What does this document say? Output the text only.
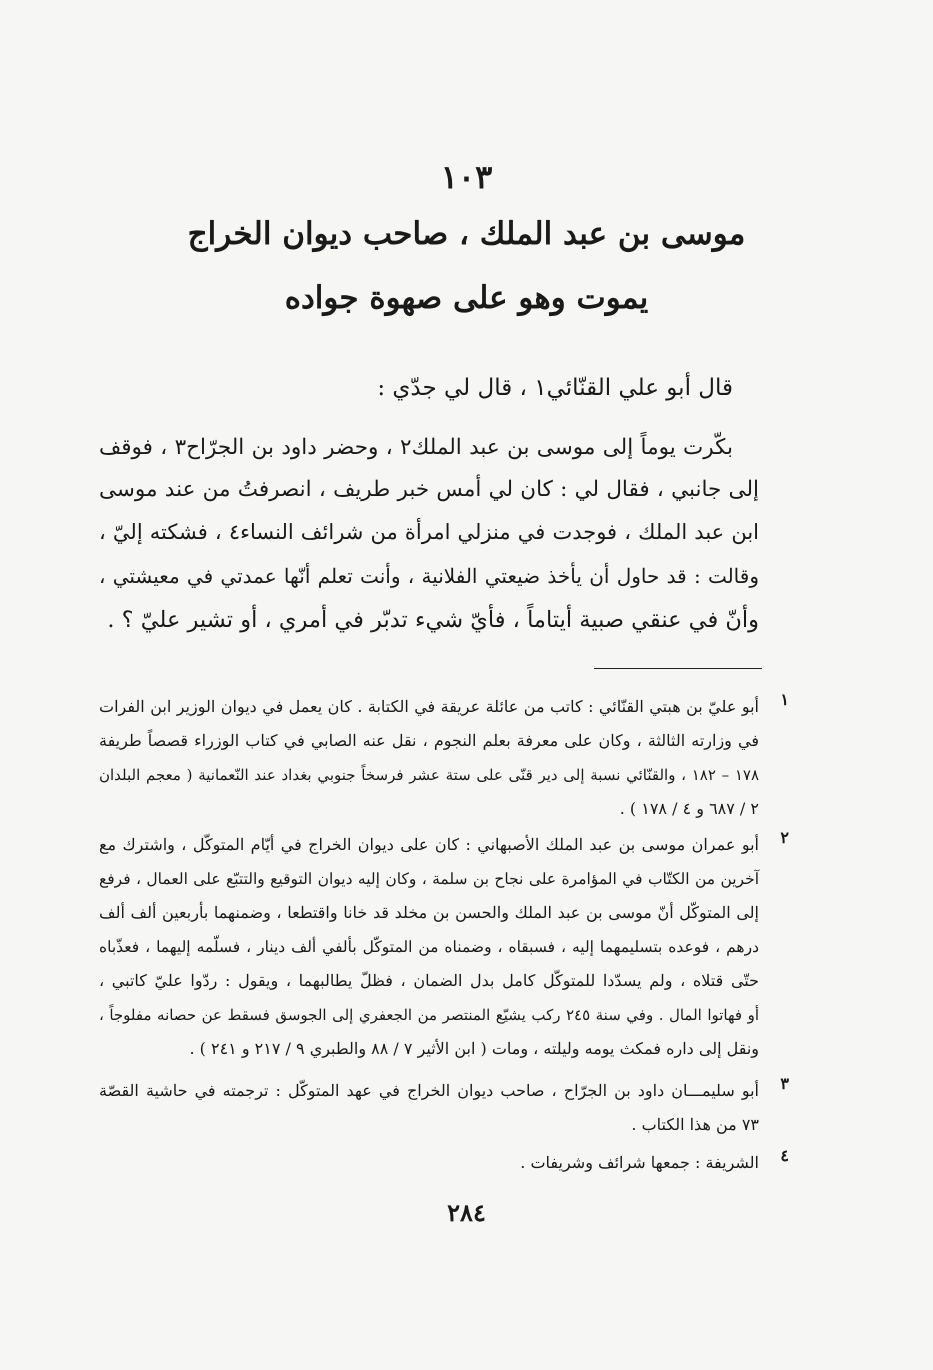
١٠٣
موسى بن عبد الملك ، صاحب ديوان الخراج
يموت وهو على صهوة جواده
قال أبو علي القنّائي١ ، قال لي جدّي :
بكّرت يوماً إلى موسى بن عبد الملك٢ ، وحضر داود بن الجرّاح٣ ، فوقف
إلى جانبي ، فقال لي : كان لي أمس خبر طريف ، انصرفتُ من عند موسى
ابن عبد الملك ، فوجدت في منزلي امرأة من شرائف النساء٤ ، فشكته إليّ ،
وقالت : قد حاول أن يأخذ ضيعتي الفلانية ، وأنت تعلم أنّها عمدتي في معيشتي ،
وأنّ في عنقي صبية أيتاماً ، فأيّ شيء تدبّر في أمري ، أو تشير عليّ ؟ .
١
أبو عليّ بن هبتي القنّائي : كاتب من عائلة عريقة في الكتابة . كان يعمل في ديوان الوزير ابن الفرات
في وزارته الثالثة ، وكان على معرفة بعلم النجوم ، نقل عنه الصابي في كتاب الوزراء قصصاً طريفة
١٧٨ – ١٨٢ ، والقنّائي نسبة إلى دير قنّى على ستة عشر فرسخاً جنوبي بغداد عند النّعمانية ( معجم البلدان
٢ / ٦٨٧ و ٤ / ١٧٨ ) .
٢
أبو عمران موسى بن عبد الملك الأصبهاني : كان على ديوان الخراج في أيّام المتوكّل ، واشترك مع
آخرين من الكتّاب في المؤامرة على نجاح بن سلمة ، وكان إليه ديوان التوقيع والتتبّع على العمال ، فرفع
إلى المتوكّل أنّ موسى بن عبد الملك والحسن بن مخلد قد خانا واقتطعا ، وضمنهما بأربعين ألف ألف
درهم ، فوعده بتسليمهما إليه ، فسبقاه ، وضمناه من المتوكّل بألفي ألف دينار ، فسلّمه إليهما ، فعذّباه
حتّى قتلاه ، ولم يسدّدا للمتوكّل كامل بدل الضمان ، فظلّ يطالبهما ، ويقول : ردّوا عليّ كاتبي ،
أو فهاتوا المال . وفي سنة ٢٤٥ ركب يشيّع المنتصر من الجعفري إلى الجوسق فسقط عن حصانه مفلوجاً ،
ونقل إلى داره فمكث يومه وليلته ، ومات ( ابن الأثير ٧ / ٨٨ والطبري ٩ / ٢١٧ و ٢٤١ ) .
٣
أبو سليمـــان داود بن الجرّاح ، صاحب ديوان الخراج في عهد المتوكّل : ترجمته في حاشية القصّة
٧٣ من هذا الكتاب .
٤
الشريفة : جمعها شرائف وشريفات .
٢٨٤
